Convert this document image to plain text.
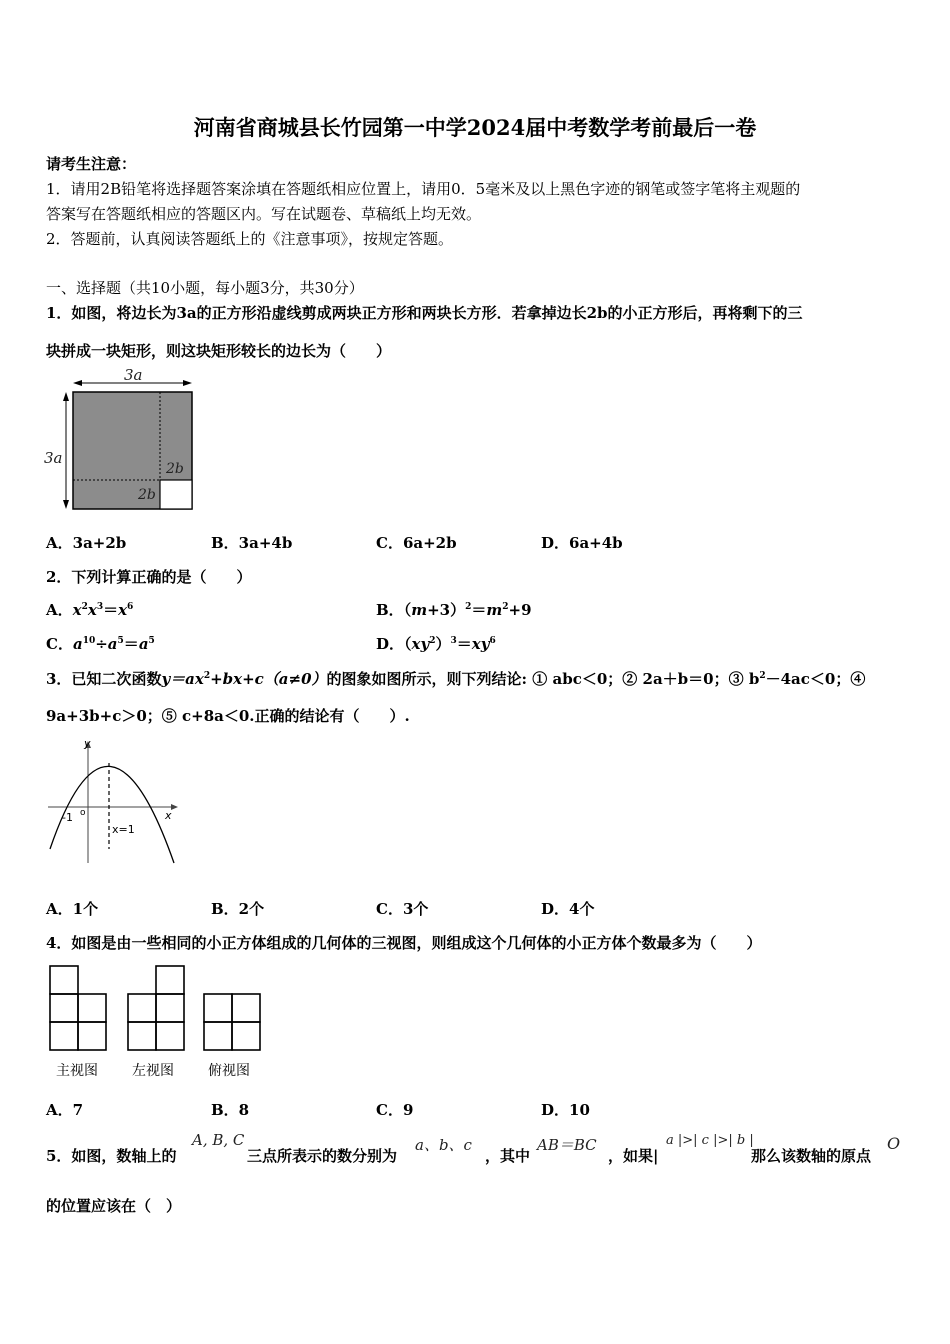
河南省商城县长竹园第一中学2024届中考数学考前最后一卷
请考生注意：
1．请用2B铅笔将选择题答案涂填在答题纸相应位置上，请用0．5毫米及以上黑色字迹的钢笔或签字笔将主观题的
答案写在答题纸相应的答题区内。写在试题卷、草稿纸上均无效。
2．答题前，认真阅读答题纸上的《注意事项》，按规定答题。
一、选择题（共10小题，每小题3分，共30分）
1．如图，将边长为3a的正方形沿虚线剪成两块正方形和两块长方形．若拿掉边长2b的小正方形后，再将剩下的三
块拼成一块矩形，则这块矩形较长的边长为（　　）
3a
3a
2b
2b
A．3a+2b	B．3a+4b	C．6a+2b	D．6a+4b
2．下列计算正确的是（　　）
A．$x^2x^3=x^6$	B．$(m+3)^2=m^2+9$
C．$a^{10}\div a^5=a^5$	D．$(xy^2)^3=xy^6$
3．已知二次函数$y=ax^2+bx+c(a\ne 0)$的图象如图所示，则下列结论: ① abc＜0；② 2a＋b＝0；③ $b^2-4ac<0$；④
9a+3b+c＞0；⑤ c+8a＜0.正确的结论有（　　）.
y
x
-1 o
x=1
A．1个	B．2个	C．3个	D．4个
4．如图是由一些相同的小正方体组成的几何体的三视图，则组成这个几何体的小正方体个数最多为（　　）
主视图 左视图 俯视图
A．7	B．8	C．9	D．10
5．如图，数轴上的
A, B, C
三点所表示的数分别为
a、b、c
，其中
AB＝BC
，如果|
a |>| c |>| b |
那么该数轴的原点
O
的位置应该在（　）
